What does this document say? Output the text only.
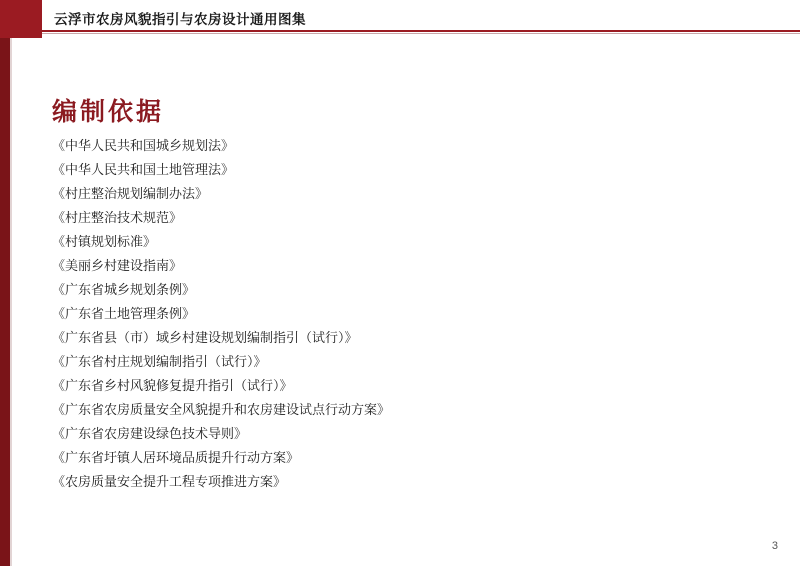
云浮市农房风貌指引与农房设计通用图集
编制依据
《中华人民共和国城乡规划法》
《中华人民共和国土地管理法》
《村庄整治规划编制办法》
《村庄整治技术规范》
《村镇规划标准》
《美丽乡村建设指南》
《广东省城乡规划条例》
《广东省土地管理条例》
《广东省县（市）域乡村建设规划编制指引（试行）》
《广东省村庄规划编制指引（试行）》
《广东省乡村风貌修复提升指引（试行）》
《广东省农房质量安全风貌提升和农房建设试点行动方案》
《广东省农房建设绿色技术导则》
《广东省圩镇人居环境品质提升行动方案》
《农房质量安全提升工程专项推进方案》
3
